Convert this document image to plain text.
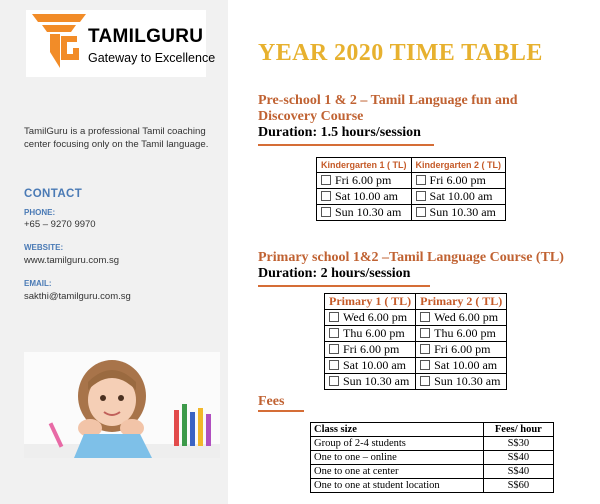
TAMILGURU
Gateway to Excellence
TamilGuru is a professional Tamil coaching center focusing only on the Tamil language.
CONTACT
PHONE:
+65 – 9270 9970
WEBSITE:
www.tamilguru.com.sg
EMAIL:
sakthi@tamilguru.com.sg
YEAR 2020 TIME TABLE
Pre-school 1 & 2 – Tamil Language fun and
Discovery Course
Duration: 1.5 hours/session
Kindergarten 1 ( TL)	Kindergarten 2 ( TL)
Fri 6.00 pm	Fri 6.00 pm
Sat 10.00 am	Sat 10.00 am
Sun 10.30 am	Sun 10.30 am
Primary school 1&2 –Tamil Language Course (TL)
Duration: 2 hours/session
Primary 1 ( TL)	Primary 2 ( TL)
Wed 6.00 pm	Wed 6.00 pm
Thu 6.00 pm	Thu 6.00 pm
Fri 6.00 pm	Fri 6.00 pm
Sat 10.00 am	Sat 10.00 am
Sun 10.30 am	Sun 10.30 am
Fees
Class size	Fees/ hour
Group of 2-4 students	S$30
One to one – online	S$40
One to one at center	S$40
One to one at student location	S$60
